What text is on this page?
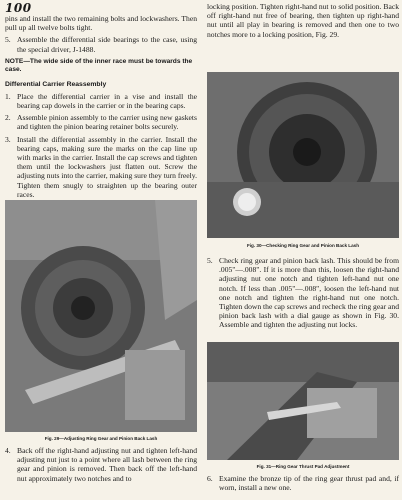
100

pins and install the two remaining bolts and lockwashers. Then pull up all twelve bolts tight.

5. Assemble the differential side bearings to the case, using the special driver, J-1488.
NOTE—The wide side of the inner race must be towards the case.
Differential Carrier Reassembly
1. Place the differential carrier in a vise and install the bearing cap dowels in the carrier or in the bearing caps.
2. Assemble pinion assembly to the carrier using new gaskets and tighten the pinion bearing retainer bolts securely.
3. Install the differential assembly in the carrier. Install the bearing caps, making sure the marks on the cap line up with marks in the carrier. Install the cap screws and tighten them until the lockwashers just flatten out. Screw the adjusting nuts into the carrier, making sure they turn freely. Tighten them snugly to straighten up the bearing outer races.
Fig. 29—Adjusting Ring Gear and Pinion Back Lash
4. Back off the right-hand adjusting nut and tighten left-hand adjusting nut just to a point where all lash between the ring gear and pinion is removed. Then back off the left-hand nut approximately two notches and to

locking position. Tighten right-hand nut to solid position. Back off right-hand nut free of bearing, then tighten up right-hand nut until all play in bearing is removed and then one to two notches more to a locking position, Fig. 29.

Fig. 30—Checking Ring Gear and Pinion Back Lash
5. Check ring gear and pinion back lash. This should be from .005"—.008". If it is more than this, loosen the right-hand adjusting nut one notch and tighten left-hand nut one notch. If less than .005"—.008", loosen the left-hand nut one notch and tighten the right-hand nut one notch. Tighten down the cap screws and recheck the ring gear and pinion back lash with a dial gauge as shown in Fig. 30. Assemble and tighten the adjusting nut locks.
Fig. 31—Ring Gear Thrust Pad Adjustment
6. Examine the bronze tip of the ring gear thrust pad and, if worn, install a new one.
